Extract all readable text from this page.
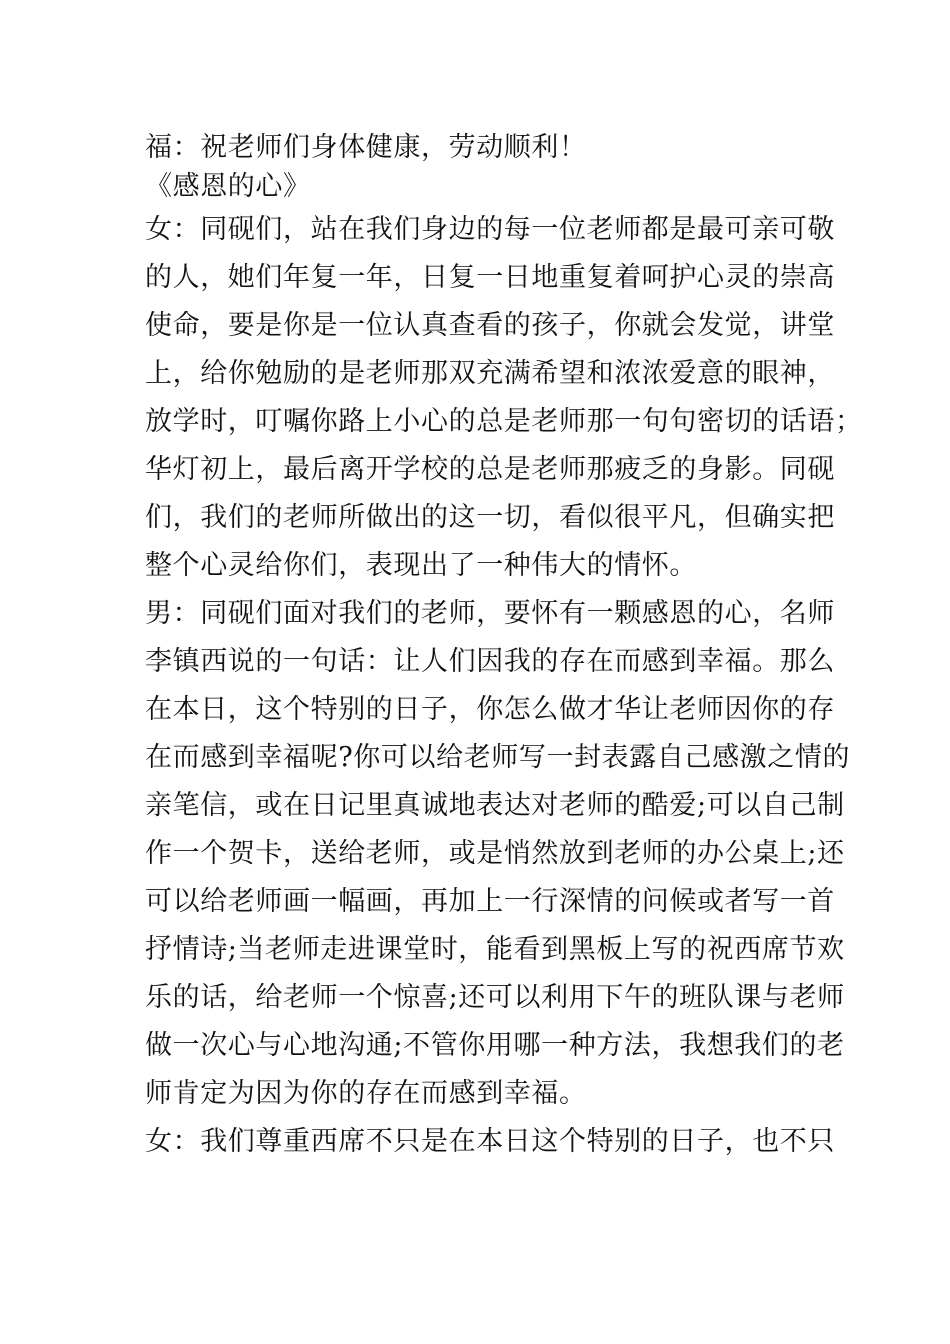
福：祝老师们身体健康，劳动顺利！
《感恩的心》
女：同砚们，站在我们身边的每一位老师都是最可亲可敬
的人，她们年复一年，日复一日地重复着呵护心灵的崇高
使命，要是你是一位认真查看的孩子，你就会发觉，讲堂
上，给你勉励的是老师那双充满希望和浓浓爱意的眼神，
放学时，叮嘱你路上小心的总是老师那一句句密切的话语；
华灯初上，最后离开学校的总是老师那疲乏的身影。同砚
们，我们的老师所做出的这一切，看似很平凡，但确实把
整个心灵给你们，表现出了一种伟大的情怀。
男：同砚们面对我们的老师，要怀有一颗感恩的心，名师
李镇西说的一句话：让人们因我的存在而感到幸福。那么
在本日，这个特别的日子，你怎么做才华让老师因你的存
在而感到幸福呢?你可以给老师写一封表露自己感激之情的
亲笔信，或在日记里真诚地表达对老师的酷爱;可以自己制
作一个贺卡，送给老师，或是悄然放到老师的办公桌上;还
可以给老师画一幅画，再加上一行深情的问候或者写一首
抒情诗;当老师走进课堂时，能看到黑板上写的祝西席节欢
乐的话，给老师一个惊喜;还可以利用下午的班队课与老师
做一次心与心地沟通;不管你用哪一种方法，我想我们的老
师肯定为因为你的存在而感到幸福。
女：我们尊重西席不只是在本日这个特别的日子，也不只
